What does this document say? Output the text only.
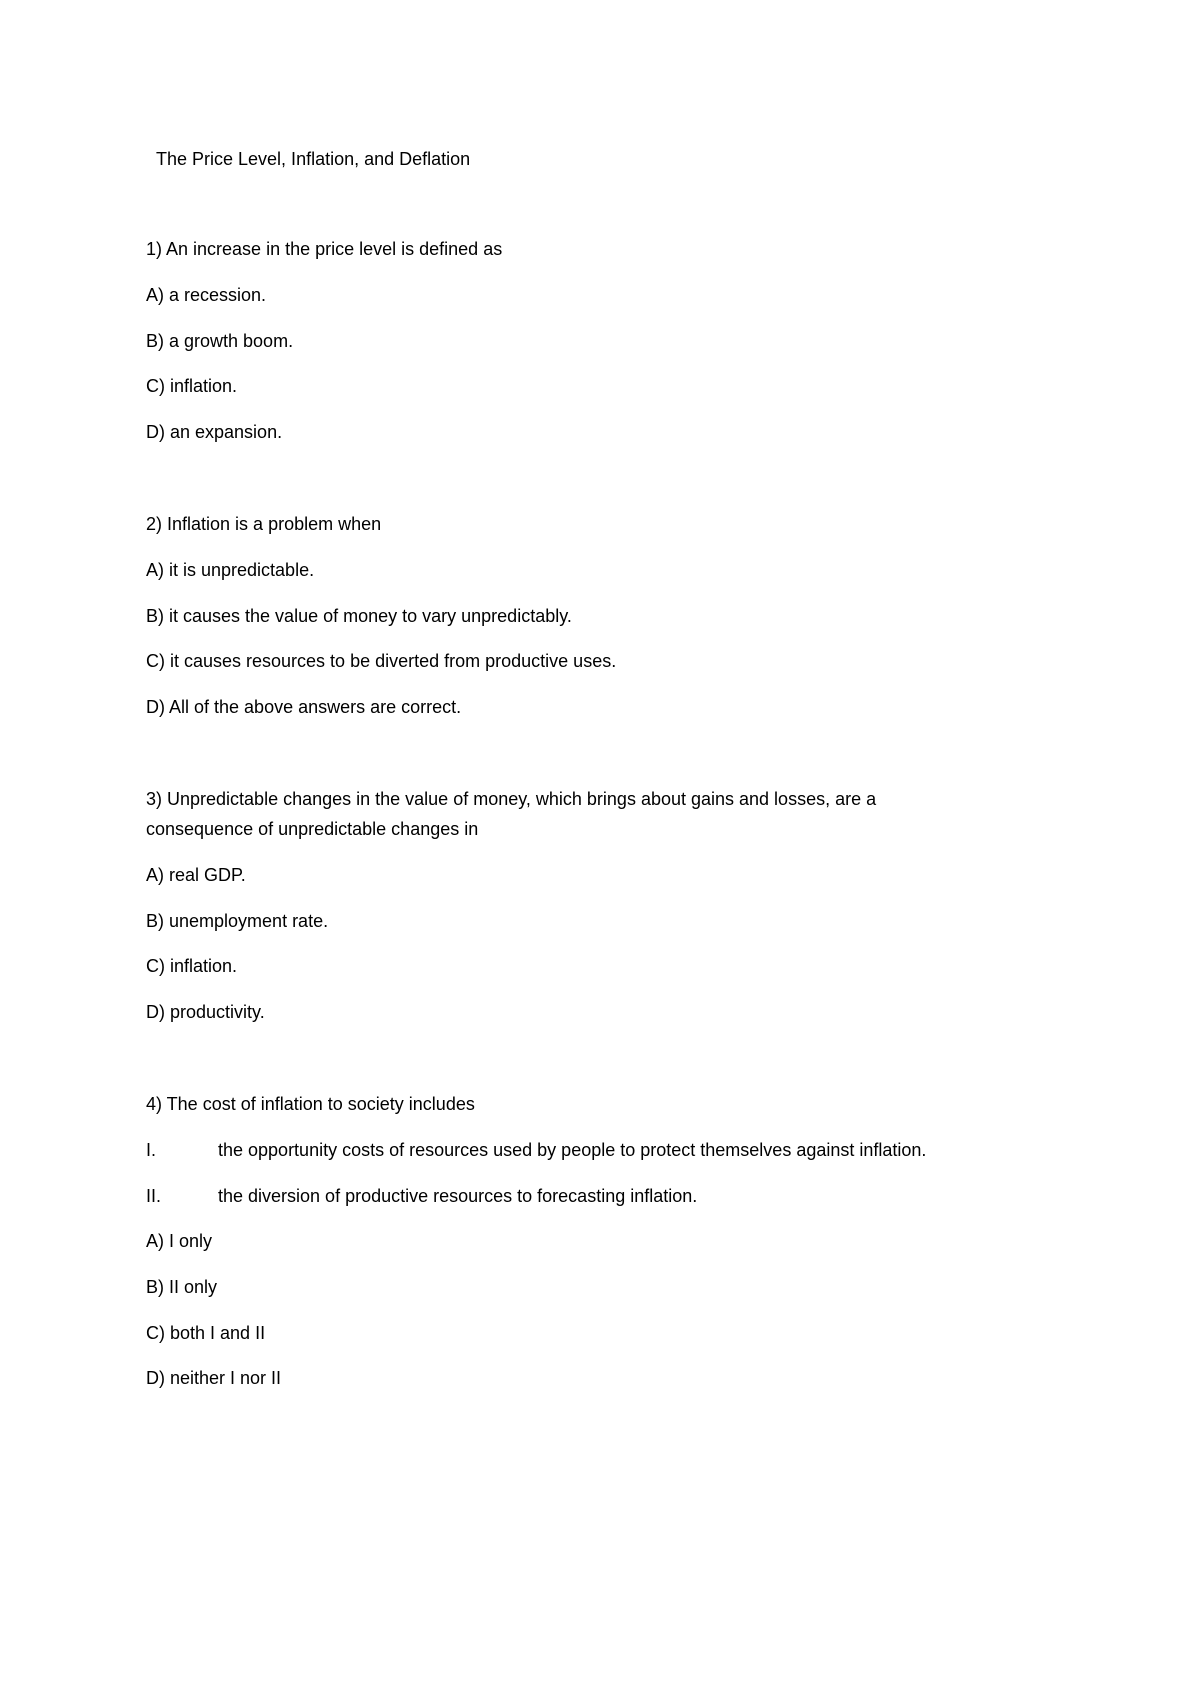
The Price Level, Inflation, and Deflation
1) An increase in the price level is defined as
A) a recession.
B) a growth boom.
C) inflation.
D) an expansion.
2) Inflation is a problem when
A) it is unpredictable.
B) it causes the value of money to vary unpredictably.
C) it causes resources to be diverted from productive uses.
D) All of the above answers are correct.
3) Unpredictable changes in the value of money, which brings about gains and losses, are a
consequence of unpredictable changes in
A) real GDP.
B) unemployment rate.
C) inflation.
D) productivity.
4) The cost of inflation to society includes
I.	the opportunity costs of resources used by people to protect themselves against inflation.
II.	the diversion of productive resources to forecasting inflation.
A) I only
B) II only
C) both I and II
D) neither I nor II
